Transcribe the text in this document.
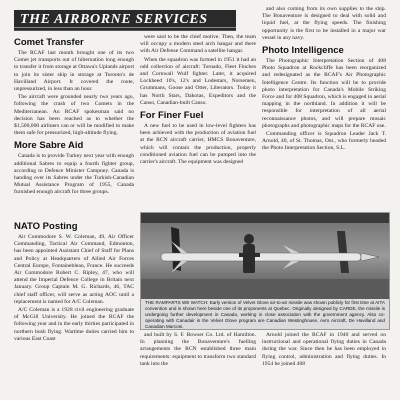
THE AIRBORNE SERVICES
Comet Transfer

The RCAF last month brought one of its two Comet jet transports out of hibernation long enough to transfer it from storage at Ottawa's Uplands airport to join its sister ship in storage at Toronto's de Havilland Airport. It covered the route, unpressurized, in less than an hour.

The aircraft were grounded nearly two years ago, following the crash of two Comets in the Mediterranean. An RCAF spokesman said no decision has been reached as to whether the $1,500,000 airliners can or will be modified to make them safe for pressurized, high-altitude flying.

More Sabre Aid

Canada is to provide Turkey next year with enough additional Sabres to equip a fourth fighter group, according to Defence Minister Campney. Canada is handing over its Sabres under the Turkish-Canadian Mutual Assistance Program of 1955, Canada furnished enough aircraft for three groups.

NATO Posting

Air Commodore S. W. Coleman, 49, Air Officer Commanding, Tactical Air Command, Edmonton, has been appointed Assistant Chief of Staff for Plans and Policy at Headquarters of Allied Air Forces Central Europe, Fontainebleau, France. He succeeds Air Commodore Robert C. Ripley, 47, who will attend the Imperial Defence College in Britain next January. Group Captain M. G. Richards, 46, TAC chief staff officer, will serve as acting AOC until a replacement is named for A/C Coleman.

A/C Coleman is a 1928 civil engineering graduate of McGill University. He joined the RCAF the following year and in the early thirties participated in northern bush flying. Wartime duties carried him to various East Coast

were said to be the chief motive. Then, the team will occupy a modern steel arch hangar and there with Air Defense Command a satellite hangar.

When the squadron was formed in 1951 it had an odd collection of aircraft: Tornado, Fleet Finches and Cornwall Wulf fighter. Later, it acquired Lockheed 10's, 12's and Lodestars, Norsemen, Grummans, Goose and Otter, Liberators. Today it has North Stars, Dakotas, Expeditors and the Canso, Canadian-built Canso.

For Finer Fuel

A new fuel to be used in low-level fighters has been achieved with the production of aviation fuel at the RCN aircraft carrier, HMCS Bonaventure, which will contain the production, properly conditioned aviation fuel can be pumped into the carrier's aircraft. The equipment was designed

and also coming from its own supplies to the ship. The Bonaventure is designed to deal with solid and liquid fuel, at the flying speeds. The finishing opportunity is the first to be installed in a major war vessel in any navy.

Photo Intelligence

The Photographic Interpretation Section of 408 Photo Squadron at Rockcliffe has been reorganized and redesignated as the RCAF's Air Photographic Intelligence Centre. Its function will be to provide photo interpretation for Canada's Mobile Striking Force and for 408 Squadron, which is engaged in aerial mapping in the northland. In addition it will be responsible for interpretation of all aerial reconnaissance photos, and will prepare mosaic photographs and photographic maps for the RCAF use.

Commanding officer is Squadron Leader Jack T. Arnold, 40, of St. Thomas, Ont., who formerly headed the Photo Interpretation Section, S.L.

THE RAMPARTS WE WATCH: Early version of Velvet Glove air-to-air missile was shown publicly for first time at AITA convention and is shown here beside one of its proponents at Quebec. Originally designed by CARDE, the missile is undergoing further development in Canada, working in close association with the government agency. Also co-operating with Canadair in the Velvet Glove program are Canadian Westinghouse, Avro Aircraft, De Havilland and Canadian Marconi.

and built by S. F. Bowser Co. Ltd. of Hamilton. In planning the Bonaventure's fuelling arrangements the RCN established three main requirements: equipment to transform two standard tank into the

Arnold joined the RCAF in 1940 and served on instructional and operational flying duties in Canada during the war. Since then he has been employed in flying control, administration and flying duties. In 1954 he joined 408
